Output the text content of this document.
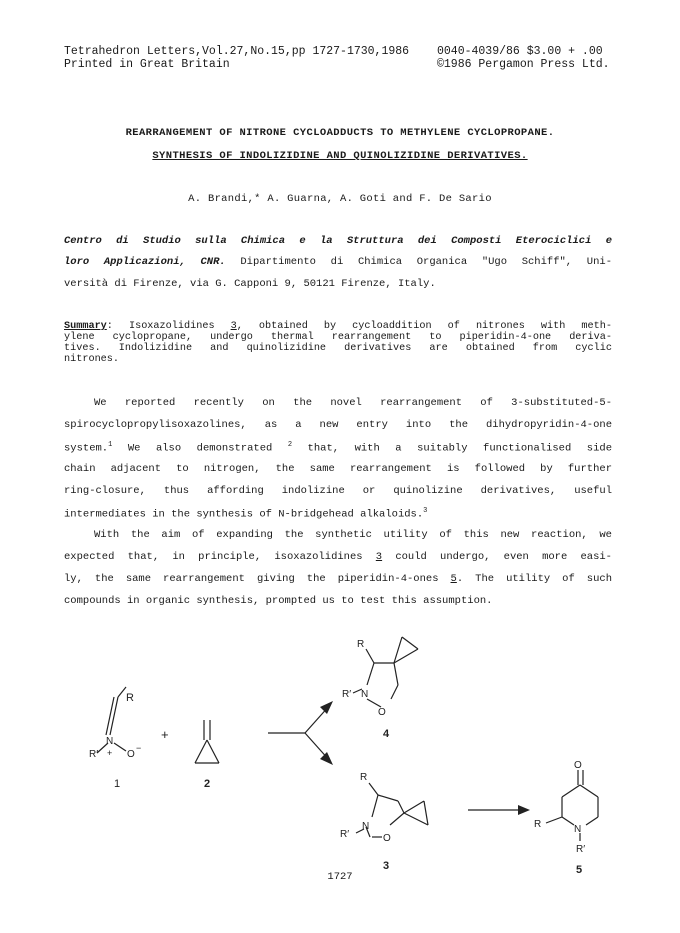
Tetrahedron Letters,Vol.27,No.15,pp 1727-1730,1986 0040-4039/86 $3.00 + .00
Printed in Great Britain	©1986 Pergamon Press Ltd.
REARRANGEMENT OF NITRONE CYCLOADDUCTS TO METHYLENE CYCLOPROPANE.
SYNTHESIS OF INDOLIZIDINE AND QUINOLIZIDINE DERIVATIVES.
A. Brandi,* A. Guarna, A. Goti and F. De Sario
Centro di Studio sulla Chimica e la Struttura dei Composti Eterociclici e
loro Applicazioni, CNR. Dipartimento di Chimica Organica "Ugo Schiff", Uni-
versità di Firenze, via G. Capponi 9, 50121 Firenze, Italy.
Summary: Isoxazolidines 3, obtained by cycloaddition of nitrones with meth-
ylene cyclopropane, undergo thermal rearrangement to piperidin-4-one deriva-
tives. Indolizidine and quinolizidine derivatives are obtained from cyclic
nitrones.
We reported recently on the novel rearrangement of 3-substituted-5-
spirocyclopropylisoxazolines, as a new entry into the dihydropyridin-4-one
system.$^1$ We also demonstrated $^2$ that, with a suitably functionalised side
chain adjacent to nitrogen, the same rearrangement is followed by further
ring-closure, thus affording indolizine or quinolizine derivatives, useful
intermediates in the synthesis of N-bridgehead alkaloids.$^3$
With the aim of expanding the synthetic utility of this new reaction, we
expected that, in principle, isoxazolidines 3 could undergo, even more easi-
ly, the same rearrangement giving the piperidin-4-ones 5. The utility of such
compounds in organic synthesis, prompted us to test this assumption.
R
N
R′ + O
−
+
R
N
R′
O
R
N
R′	O
O
N
R
R′
1	2
4
3	5
1727
